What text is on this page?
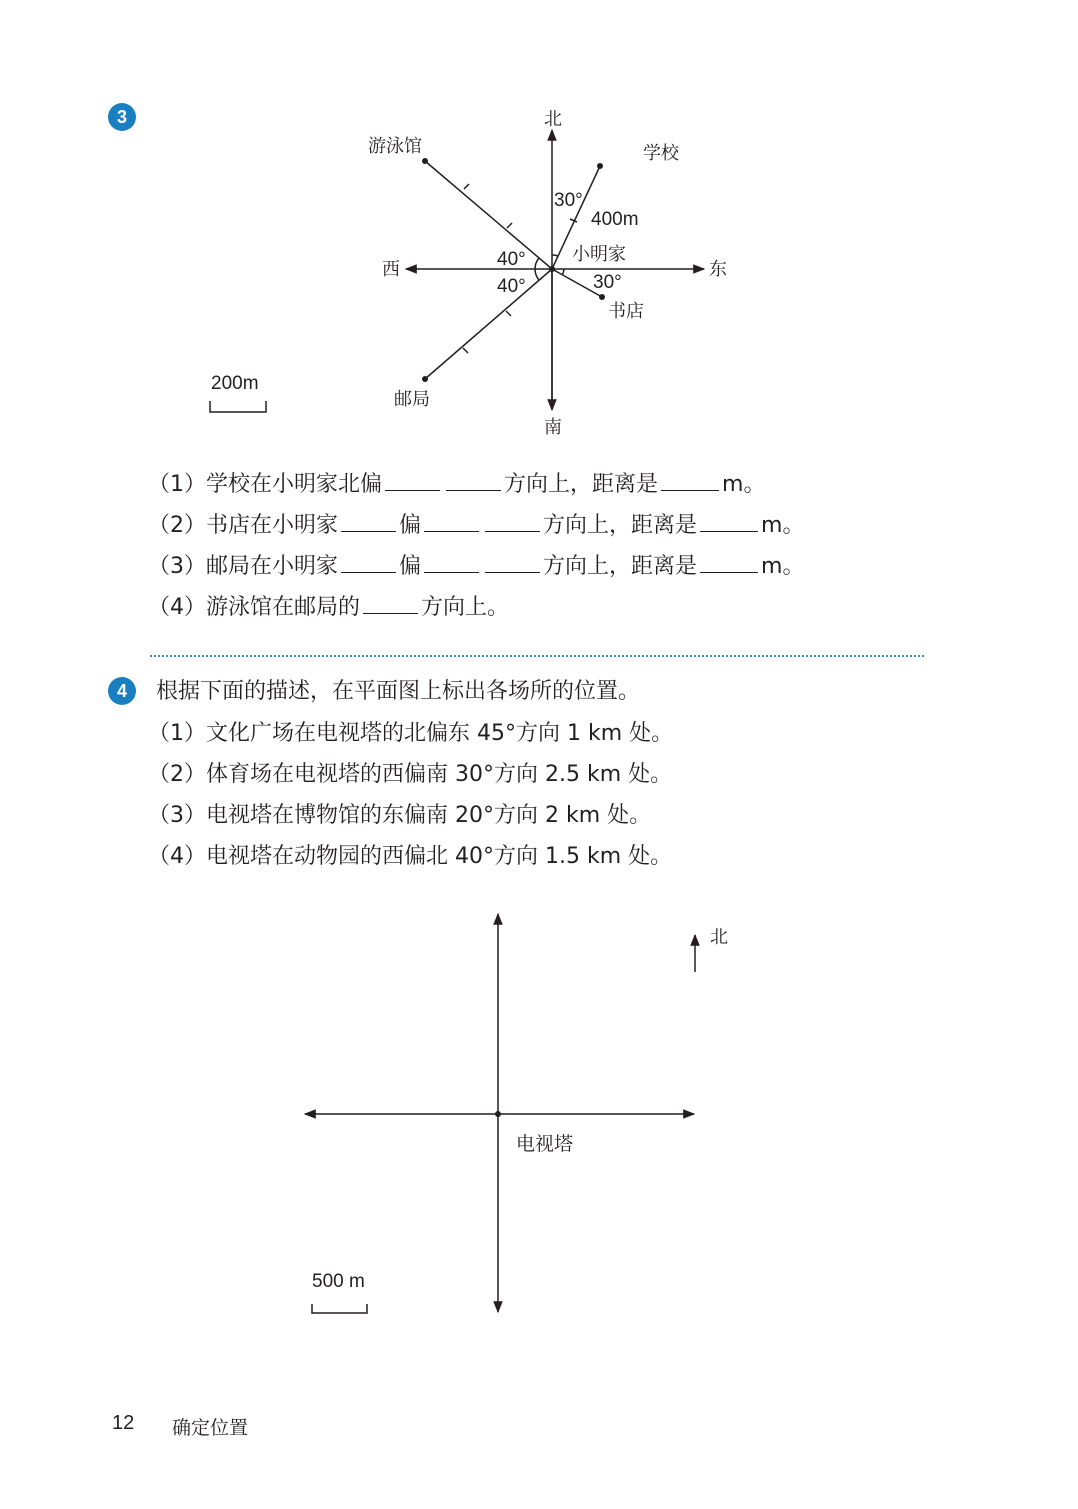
3	北
南
东
西
小明家
学校
游泳馆
书店
邮局
30°
400m
40°
40°	30°
200m
（1）学校在小明家北偏	方向上，距离是	m。
（2）书店在小明家	偏	方向上，距离是	m。
（3）邮局在小明家	偏	方向上，距离是	m。
（4）游泳馆在邮局的	方向上。
4	根据下面的描述，在平面图上标出各场所的位置。
（1）文化广场在电视塔的北偏东 45°方向 1 km 处。
（2）体育场在电视塔的西偏南 30°方向 2.5 km 处。
（3）电视塔在博物馆的东偏南 20°方向 2 km 处。
（4）电视塔在动物园的西偏北 40°方向 1.5 km 处。
北
电视塔
500 m
12 确定位置
